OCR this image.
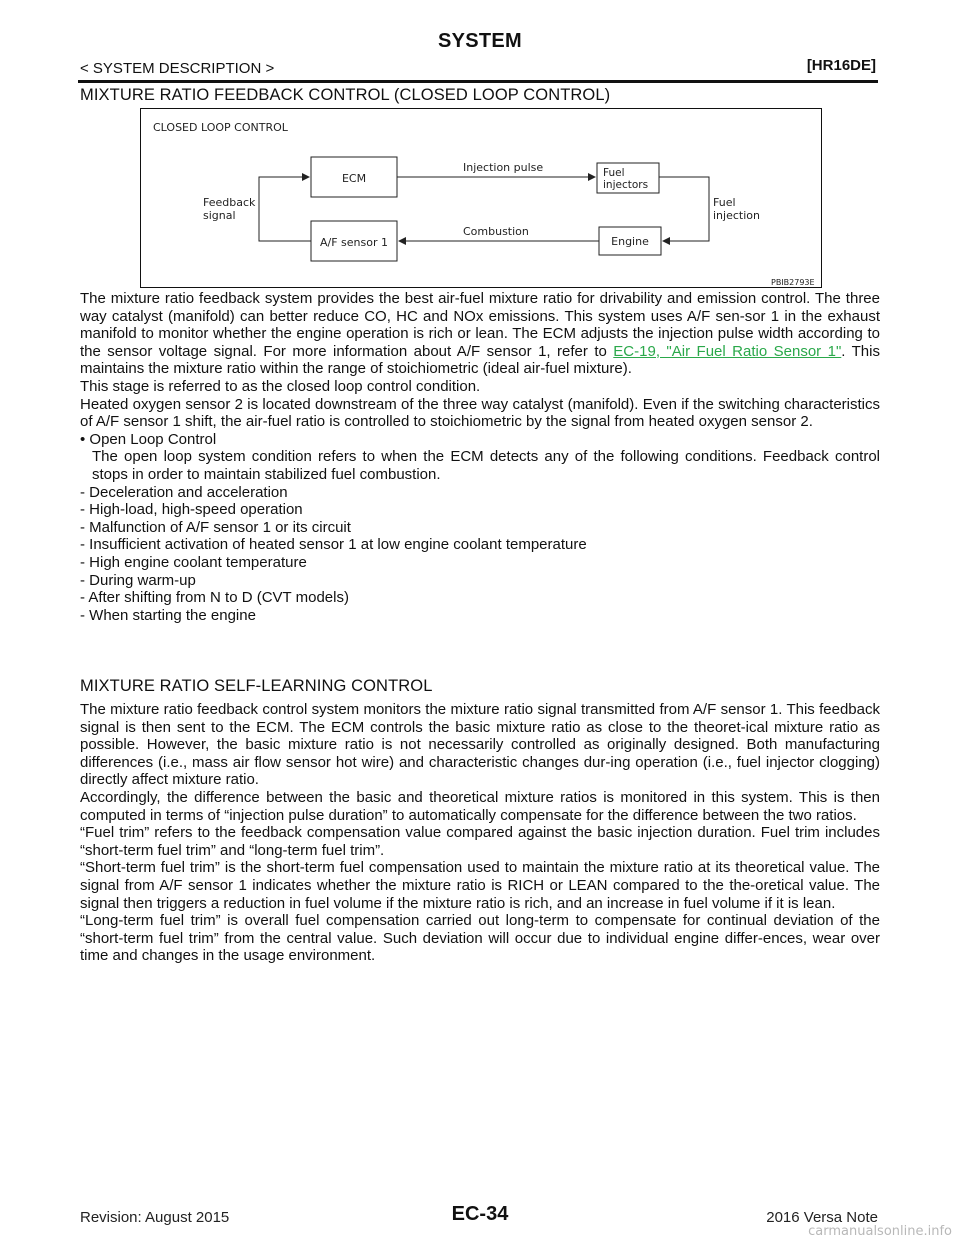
SYSTEM
< SYSTEM DESCRIPTION >	[HR16DE]
MIXTURE RATIO FEEDBACK CONTROL (CLOSED LOOP CONTROL)
CLOSED LOOP CONTROL
ECM
A/F sensor 1
Fuel
injectors
Engine
Injection pulse
Combustion
Feedback
signal
Fuel
injection
PBIB2793E

The mixture ratio feedback system provides the best air-fuel mixture ratio for drivability and emission control. The three way catalyst (manifold) can better reduce CO, HC and NOx emissions. This system uses A/F sen-sor 1 in the exhaust manifold to monitor whether the engine operation is rich or lean. The ECM adjusts the injection pulse width according to the sensor voltage signal. For more information about A/F sensor 1, refer to EC-19, "Air Fuel Ratio Sensor 1". This maintains the mixture ratio within the range of stoichiometric (ideal air-fuel mixture).

This stage is referred to as the closed loop control condition.

Heated oxygen sensor 2 is located downstream of the three way catalyst (manifold). Even if the switching characteristics of A/F sensor 1 shift, the air-fuel ratio is controlled to stoichiometric by the signal from heated oxygen sensor 2.

• Open Loop Control

The open loop system condition refers to when the ECM detects any of the following conditions. Feedback control stops in order to maintain stabilized fuel combustion.

- Deceleration and acceleration

- High-load, high-speed operation

- Malfunction of A/F sensor 1 or its circuit

- Insufficient activation of heated sensor 1 at low engine coolant temperature

- High engine coolant temperature

- During warm-up

- After shifting from N to D (CVT models)

- When starting the engine

MIXTURE RATIO SELF-LEARNING CONTROL

The mixture ratio feedback control system monitors the mixture ratio signal transmitted from A/F sensor 1. This feedback signal is then sent to the ECM. The ECM controls the basic mixture ratio as close to the theoret-ical mixture ratio as possible. However, the basic mixture ratio is not necessarily controlled as originally designed. Both manufacturing differences (i.e., mass air flow sensor hot wire) and characteristic changes dur-ing operation (i.e., fuel injector clogging) directly affect mixture ratio.

Accordingly, the difference between the basic and theoretical mixture ratios is monitored in this system. This is then computed in terms of “injection pulse duration” to automatically compensate for the difference between the two ratios.

“Fuel trim” refers to the feedback compensation value compared against the basic injection duration. Fuel trim includes “short-term fuel trim” and “long-term fuel trim”.

“Short-term fuel trim” is the short-term fuel compensation used to maintain the mixture ratio at its theoretical value. The signal from A/F sensor 1 indicates whether the mixture ratio is RICH or LEAN compared to the the-oretical value. The signal then triggers a reduction in fuel volume if the mixture ratio is rich, and an increase in fuel volume if it is lean.

“Long-term fuel trim” is overall fuel compensation carried out long-term to compensate for continual deviation of the “short-term fuel trim” from the central value. Such deviation will occur due to individual engine differ-ences, wear over time and changes in the usage environment.

Revision: August 2015	EC-34	2016 Versa Note
carmanualsonline.info
